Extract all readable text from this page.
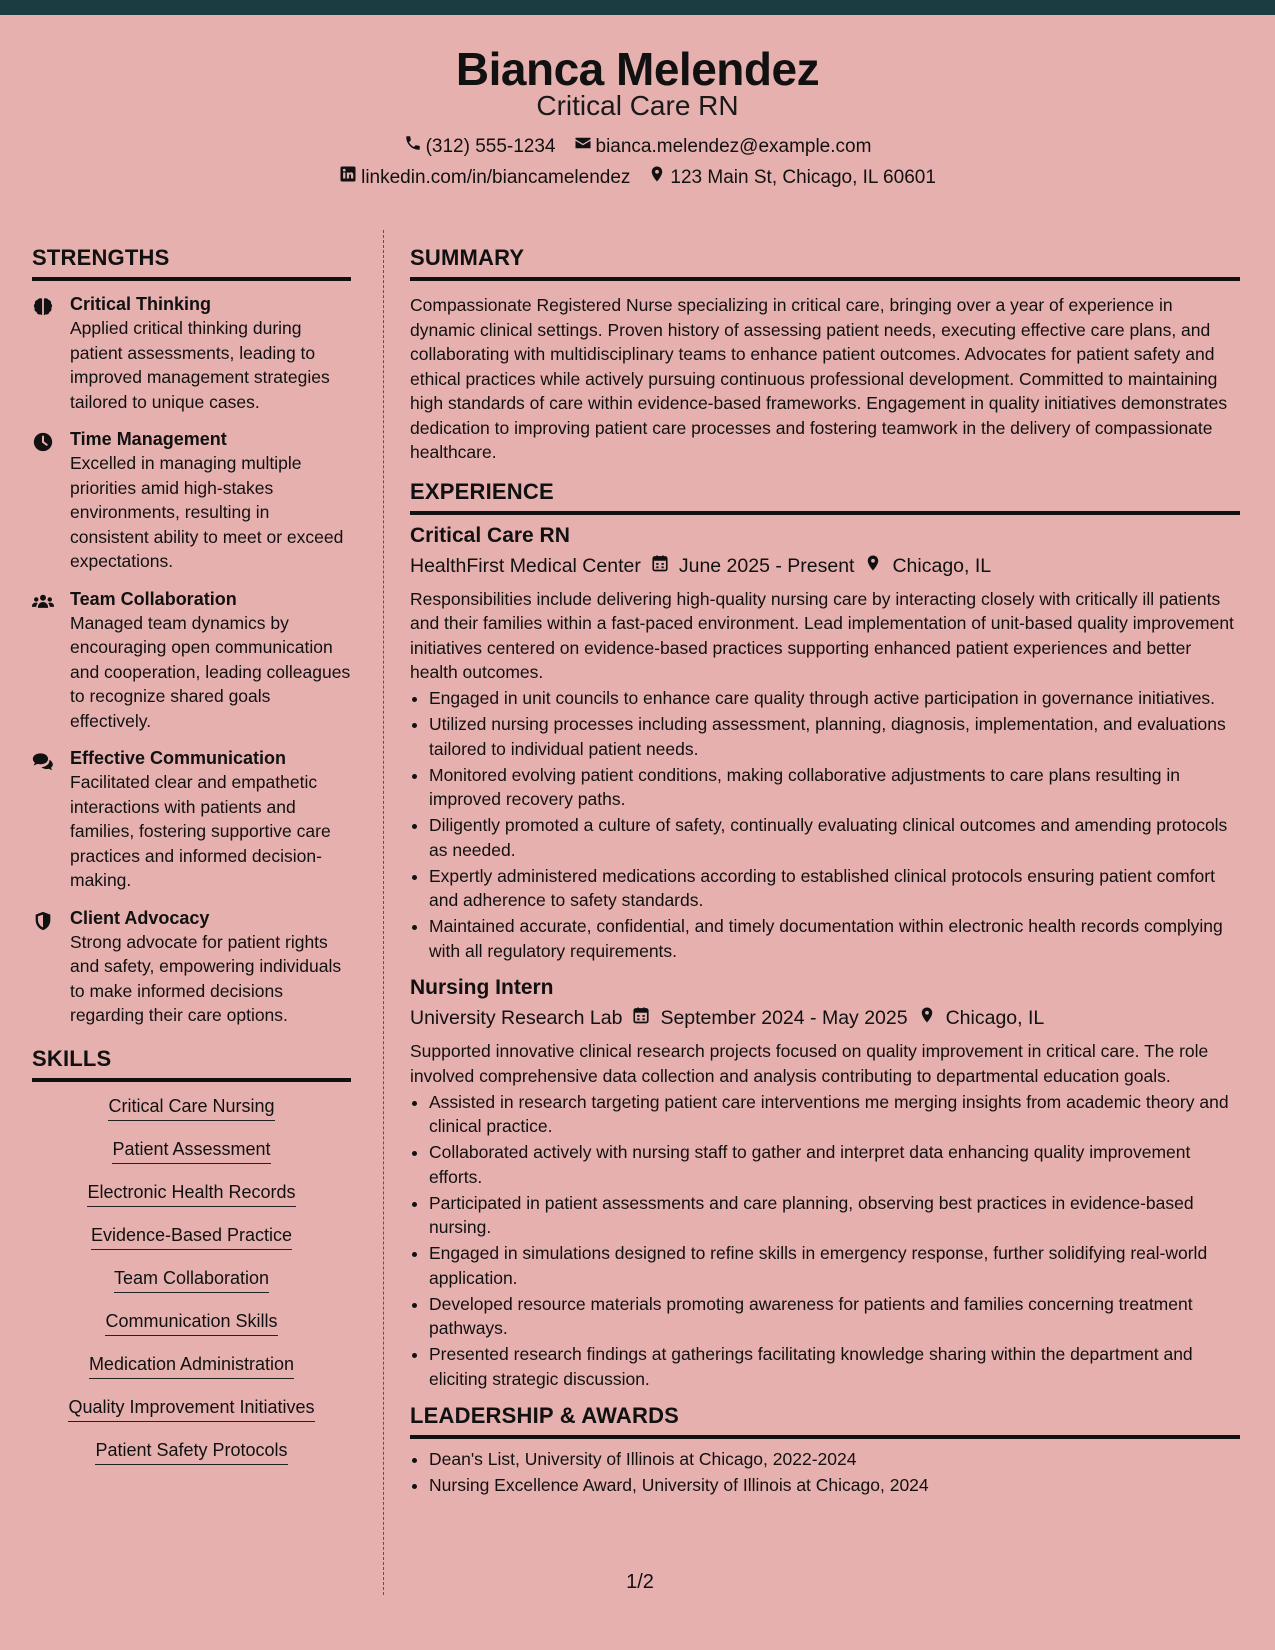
Bianca Melendez
Critical Care RN
(312) 555-1234 bianca.melendez@example.com
linkedin.com/in/biancamelendez 123 Main St, Chicago, IL 60601
STRENGTHS
Critical Thinking
Applied critical thinking during patient assessments, leading to improved management strategies tailored to unique cases.
Time Management
Excelled in managing multiple priorities amid high-stakes environments, resulting in consistent ability to meet or exceed expectations.
Team Collaboration
Managed team dynamics by encouraging open communication and cooperation, leading colleagues to recognize shared goals effectively.
Effective Communication
Facilitated clear and empathetic interactions with patients and families, fostering supportive care practices and informed decision-making.
Client Advocacy
Strong advocate for patient rights and safety, empowering individuals to make informed decisions regarding their care options.
SKILLS
Critical Care Nursing
Patient Assessment
Electronic Health Records
Evidence-Based Practice
Team Collaboration
Communication Skills
Medication Administration
Quality Improvement Initiatives
Patient Safety Protocols
SUMMARY
Compassionate Registered Nurse specializing in critical care, bringing over a year of experience in dynamic clinical settings. Proven history of assessing patient needs, executing effective care plans, and collaborating with multidisciplinary teams to enhance patient outcomes. Advocates for patient safety and ethical practices while actively pursuing continuous professional development. Committed to maintaining high standards of care within evidence-based frameworks. Engagement in quality initiatives demonstrates dedication to improving patient care processes and fostering teamwork in the delivery of compassionate healthcare.
EXPERIENCE
Critical Care RN
HealthFirst Medical Center June 2025 - Present Chicago, IL
Responsibilities include delivering high-quality nursing care by interacting closely with critically ill patients and their families within a fast-paced environment. Lead implementation of unit-based quality improvement initiatives centered on evidence-based practices supporting enhanced patient experiences and better health outcomes.
• Engaged in unit councils to enhance care quality through active participation in governance initiatives.
• Utilized nursing processes including assessment, planning, diagnosis, implementation, and evaluations tailored to individual patient needs.
• Monitored evolving patient conditions, making collaborative adjustments to care plans resulting in improved recovery paths.
• Diligently promoted a culture of safety, continually evaluating clinical outcomes and amending protocols as needed.
• Expertly administered medications according to established clinical protocols ensuring patient comfort and adherence to safety standards.
• Maintained accurate, confidential, and timely documentation within electronic health records complying with all regulatory requirements.
Nursing Intern
University Research Lab September 2024 - May 2025 Chicago, IL
Supported innovative clinical research projects focused on quality improvement in critical care. The role involved comprehensive data collection and analysis contributing to departmental education goals.
• Assisted in research targeting patient care interventions me merging insights from academic theory and clinical practice.
• Collaborated actively with nursing staff to gather and interpret data enhancing quality improvement efforts.
• Participated in patient assessments and care planning, observing best practices in evidence-based nursing.
• Engaged in simulations designed to refine skills in emergency response, further solidifying real-world application.
• Developed resource materials promoting awareness for patients and families concerning treatment pathways.
• Presented research findings at gatherings facilitating knowledge sharing within the department and eliciting strategic discussion.
LEADERSHIP & AWARDS
• Dean's List, University of Illinois at Chicago, 2022-2024
• Nursing Excellence Award, University of Illinois at Chicago, 2024
1/2
